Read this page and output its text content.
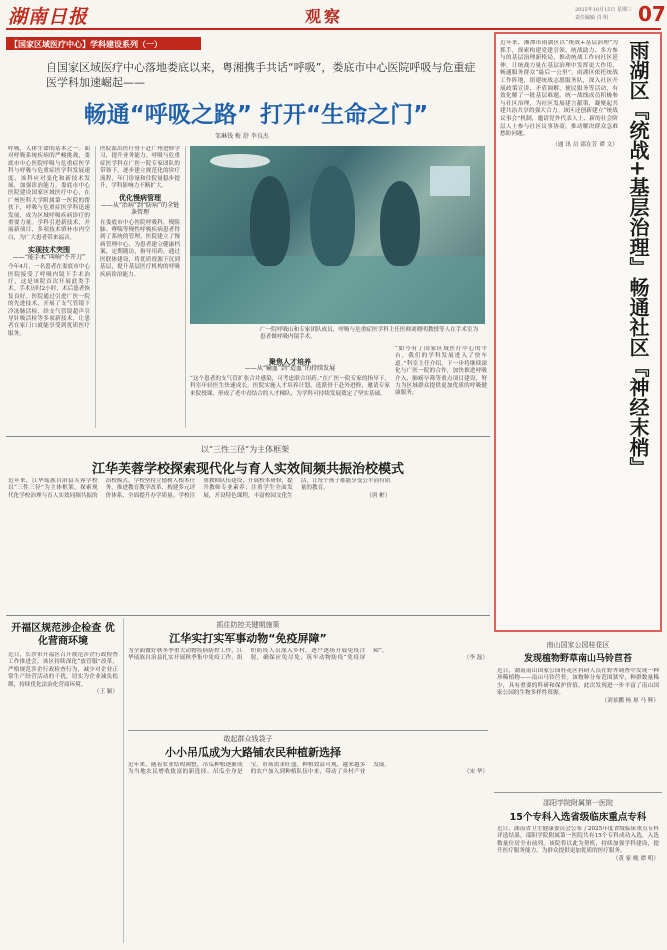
湖南日报	观察	2025年10月15日 星期三
责任编辑 肖 明 07
【国家区域医疗中心】学科建设系列（一）
自国家区域医疗中心落地娄底以来，粤湘携手共话“呼吸”，娄底市中心医院呼吸与危重症医学科加速崛起——
畅通“呼吸之路” 打开“生命之门”
邹琳钱 梅 舒 李良杰
呼吸，人体生命的基本之一。面对呼吸系统疾病的严峻挑战，娄底市中心医院呼吸与危重症医学科与呼吸与危重症医学科发展速度，该科应对变化和新技术发展，加强诊治能力。娄底市中心医院建设国家区域医疗中心，在广州医科大学附属第一医院的帮扶下，呼吸与危重症医学科迅速发展，成为区域呼吸疾病诊疗的重要力量。学科引进新技术，开展新项目，多项技术填补市内空白，为广大患者带来福音。
实现技术突围
——“能手术”叫响“不开刀”
今年4月，一名患者在娄底市中心医院接受了呼吸内镜下手术治疗，这是该院首次开展此类手术。手术历时2小时，术后患者恢复良好。医院通过引进广医一院的先进技术，开展了支气管镜下冷冻肺活检、经支气管镜超声引导针吸活检等多项新技术，让患者在家门口就能享受到优质医疗服务。
医院派出医疗骨干赴广州进修学习，提升业务能力。呼吸与危重症医学科在广医一院专家团队的带领下，逐步建立规范化的诊疗流程，年门诊量和住院量稳步提升，学科影响力不断扩大。
优化慢病管理
——从“治病”到“防病”的全链条管理
在娄底市中心医院呼吸科，慢阻肺、哮喘等慢性呼吸疾病患者得到了系统的管理。医院建立了慢病管理中心，为患者建立健康档案，定期随访，指导用药。通过医联体建设，将优质资源下沉到基层，提升基层医疗机构的呼吸疾病诊治能力。
广一院呼吸山和专家团队成员，呼吸与危重症医学科主任医师刘晓明教授等人在手术室为患者做呼吸内镜手术。
“如今有了国家区域医疗中心的平台，我们的学科发展进入了快车道。”科室主任介绍，下一步将继续深化与广医一院的合作，加快推进呼吸介入、肺癌早筛等重点项目建设，努力为区域群众提供更加优质的呼吸健康服务。
聚焦人才培养
——从“输血”到“造血”的持续发展
“这个患者的支气管扩张合并感染，可考虑联合用药。”在广医一院专家的指导下，科室年轻医生快速成长。医院实施人才培养计划，选派骨干赴外进修，邀请专家来院授课，形成了老中青结合的人才梯队，为学科可持续发展奠定了坚实基础。
近年来，湘潭市雨湖区以“统战+基层治理”为抓手，探索构建党建引领、统战助力、多方参与的基层治理新格局，推动统战工作向社区延伸，让统战力量在基层治理中发挥更大作用，畅通服务群众“最后一公里”。雨湖区依托统战工作阵地，组建统战志愿服务队，深入社区开展政策宣讲、矛盾调解、便民服务等活动，有效化解了一批基层难题。统一战线成员积极参与社区治理，为社区发展建言献策，凝聚起共建共治共享的强大合力。该区还创新建立“统战议事会”机制，邀请党外代表人士、新的社会阶层人士参与社区议事协商，推动解决群众急难愁盼问题。
（通 讯 员 邵在芳 谭 文） 雨湖区『统战+基层治理』畅通社区『神经末梢』
以“三性三径”为主体框架
江华芙蓉学校探索现代化与育人实效间频共振治校模式
近年来，江华瑶族自治县芙蓉学校以“三性三径”为主体框架，探索现代化学校治理与育人实效同频共振的治校模式。学校坚持立德树人根本任务，推进教育教学改革，构建多元评价体系，全面提升办学质量。学校注重教师队伍建设，开展校本研修，提升教师专业素养；注重学生全面发展，开设特色课程，丰富校园文化生活，让每个孩子都能享受公平而有质量的教育。
（唐 彬）
开福区规范涉企检查 优化营商环境
近日，长沙市开福区召开规范涉企行政检查工作推进会。该区持续深化“放管服”改革，严格规范涉企行政检查行为，减少对企业正常生产经营活动的干扰，切实为企业减负松绑，持续优化法治化营商环境。
（王 颖）
抓住防控关键期施策
江华实打实军事动物“免疫屏障”
为全面做好秋冬季重大动物疫病防控工作，江华瑶族自治县扎实开展秋季集中免疫工作，组织防疫人员深入乡村，逐户逐场开展免疫注射，确保应免尽免，筑牢动物防疫“免疫屏障”。
（李 磊）
敢起群众钱袋子
小小吊瓜成为大路铺农民种植新选择
近年来，随着农业结构调整，吊瓜种植逐渐成为当地农民增收致富的新选择。吊瓜全身是宝，市场需求旺盛，种植效益可观，越来越多的农户加入到种植队伍中来，带动了乡村产业发展。
（宋 华）
南山国家公园桂花区
发现植物野草南山马铃苣苔
近日，湖南南山国家公园桂花区科研人员在野外调查中发现一种珍稀植物——南山马铃苣苔。该物种分布范围狭窄，种群数量稀少，具有重要的科研和保护价值。此次发现进一步丰富了南山国家公园的生物多样性资源。
（刘景鹏 杨 琼 马 辉）
邵阳学院附属第一医院
15个专科入选省级临床重点专科
近日，湖南省卫生健康委员会公布了2025年度省级临床重点专科评选结果，邵阳学院附属第一医院共有15个专科成功入选，入选数量位居全市前列。该院将以此为契机，持续加强学科建设，提升医疗服务能力，为群众提供更加优质的医疗服务。
（黄 家 晚 谭 明）
